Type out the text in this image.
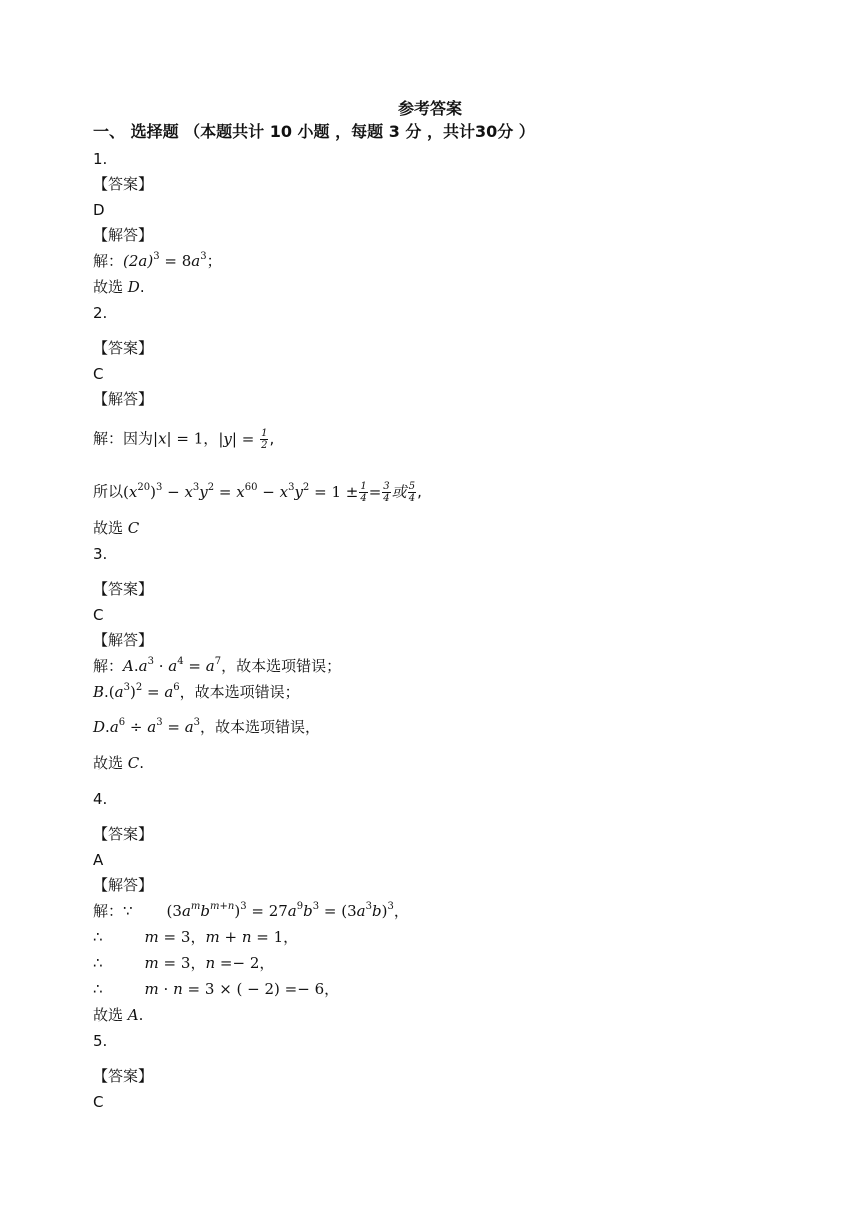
参考答案
一、 选择题 （本题共计 10 小题 ，每题 3 分 ，共计30分 ）
1.
【答案】
D
【解答】
解：$(2a)^3 = 8a^3$；
故选 D.
2.
【答案】
C
【解答】
解：因为|x| = 1，$|y| = \frac{1}{2}$ ,
所以$(x^{20})^3 - x^3y^2 = x^{60} - x^3y^2 = 1 \pm \frac{1}{4} = \frac{3}{4}$ 或 $\frac{5}{4}$ ,
故选 C
3.
【答案】
C
【解答】
解：$A.a^3 \cdot a^4 = a^7$，故本选项错误；
$B.(a^3)^2 = a^6$，故本选项错误；
$D.a^6 \div a^3 = a^3$，故本选项错误，
故选 C.
4.
【答案】
A
【解答】
解：∵ $(3a^mb^{m+n})^3 = 27a^9b^3 = (3a^3b)^3$，
∴	m = 3，m + n = 1，
∴	m = 3，n =− 2，
∴	m · n = 3 × ( − 2) =− 6，
故选 A.
5.
【答案】
C
